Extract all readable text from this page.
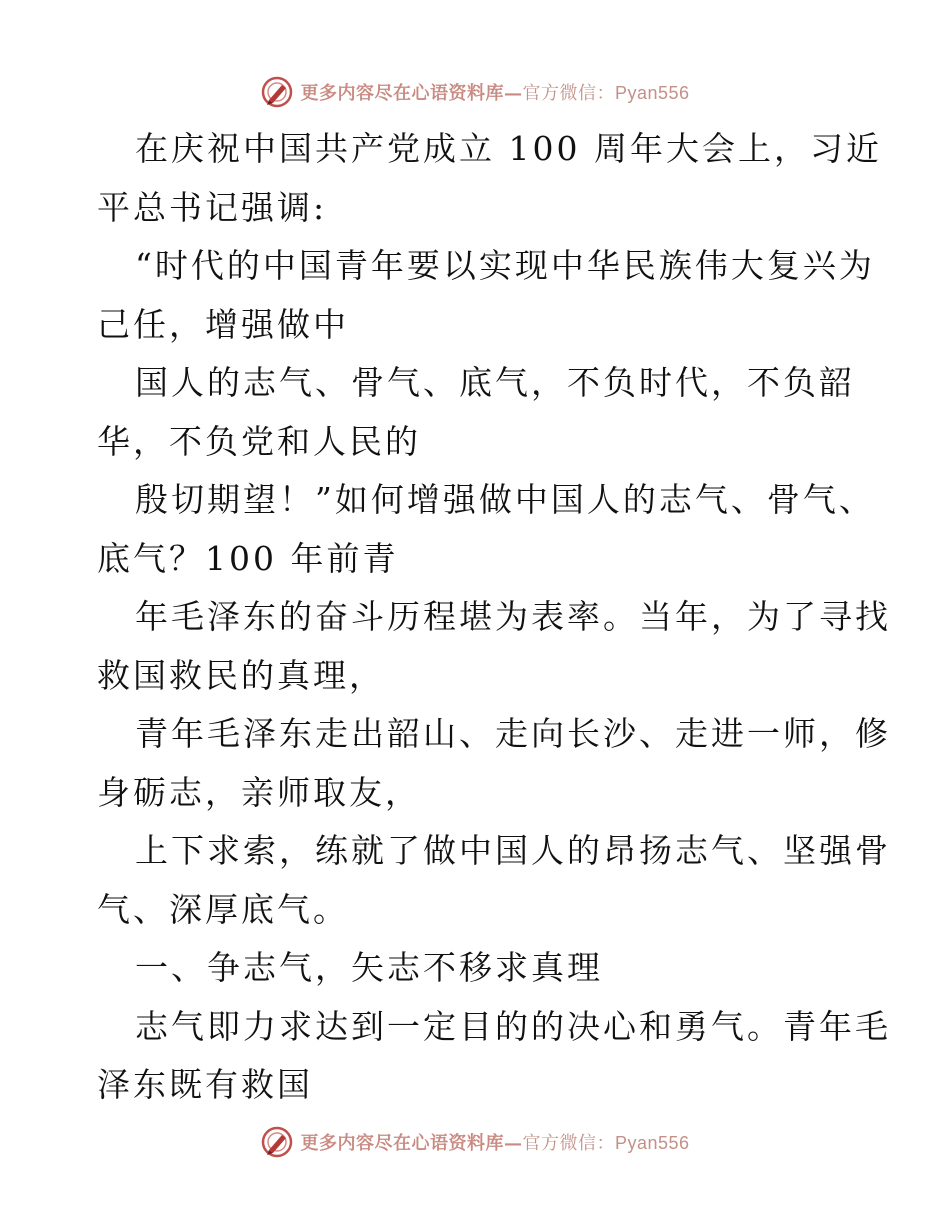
更多内容尽在心语资料库—官方微信：Pyan556

在庆祝中国共产党成立 100 周年大会上，习近

平总书记强调:

“时代的中国青年要以实现中华民族伟大复兴为

己任，增强做中

国人的志气、骨气、底气，不负时代，不负韶

华，不负党和人民的

殷切期望！”如何增强做中国人的志气、骨气、

底气？100 年前青

年毛泽东的奋斗历程堪为表率。当年，为了寻找

救国救民的真理，

青年毛泽东走出韶山、走向长沙、走进一师，修

身砺志，亲师取友，

上下求索，练就了做中国人的昂扬志气、坚强骨

气、深厚底气。

一、争志气，矢志不移求真理

志气即力求达到一定目的的决心和勇气。青年毛

泽东既有救国

更多内容尽在心语资料库—官方微信：Pyan556
